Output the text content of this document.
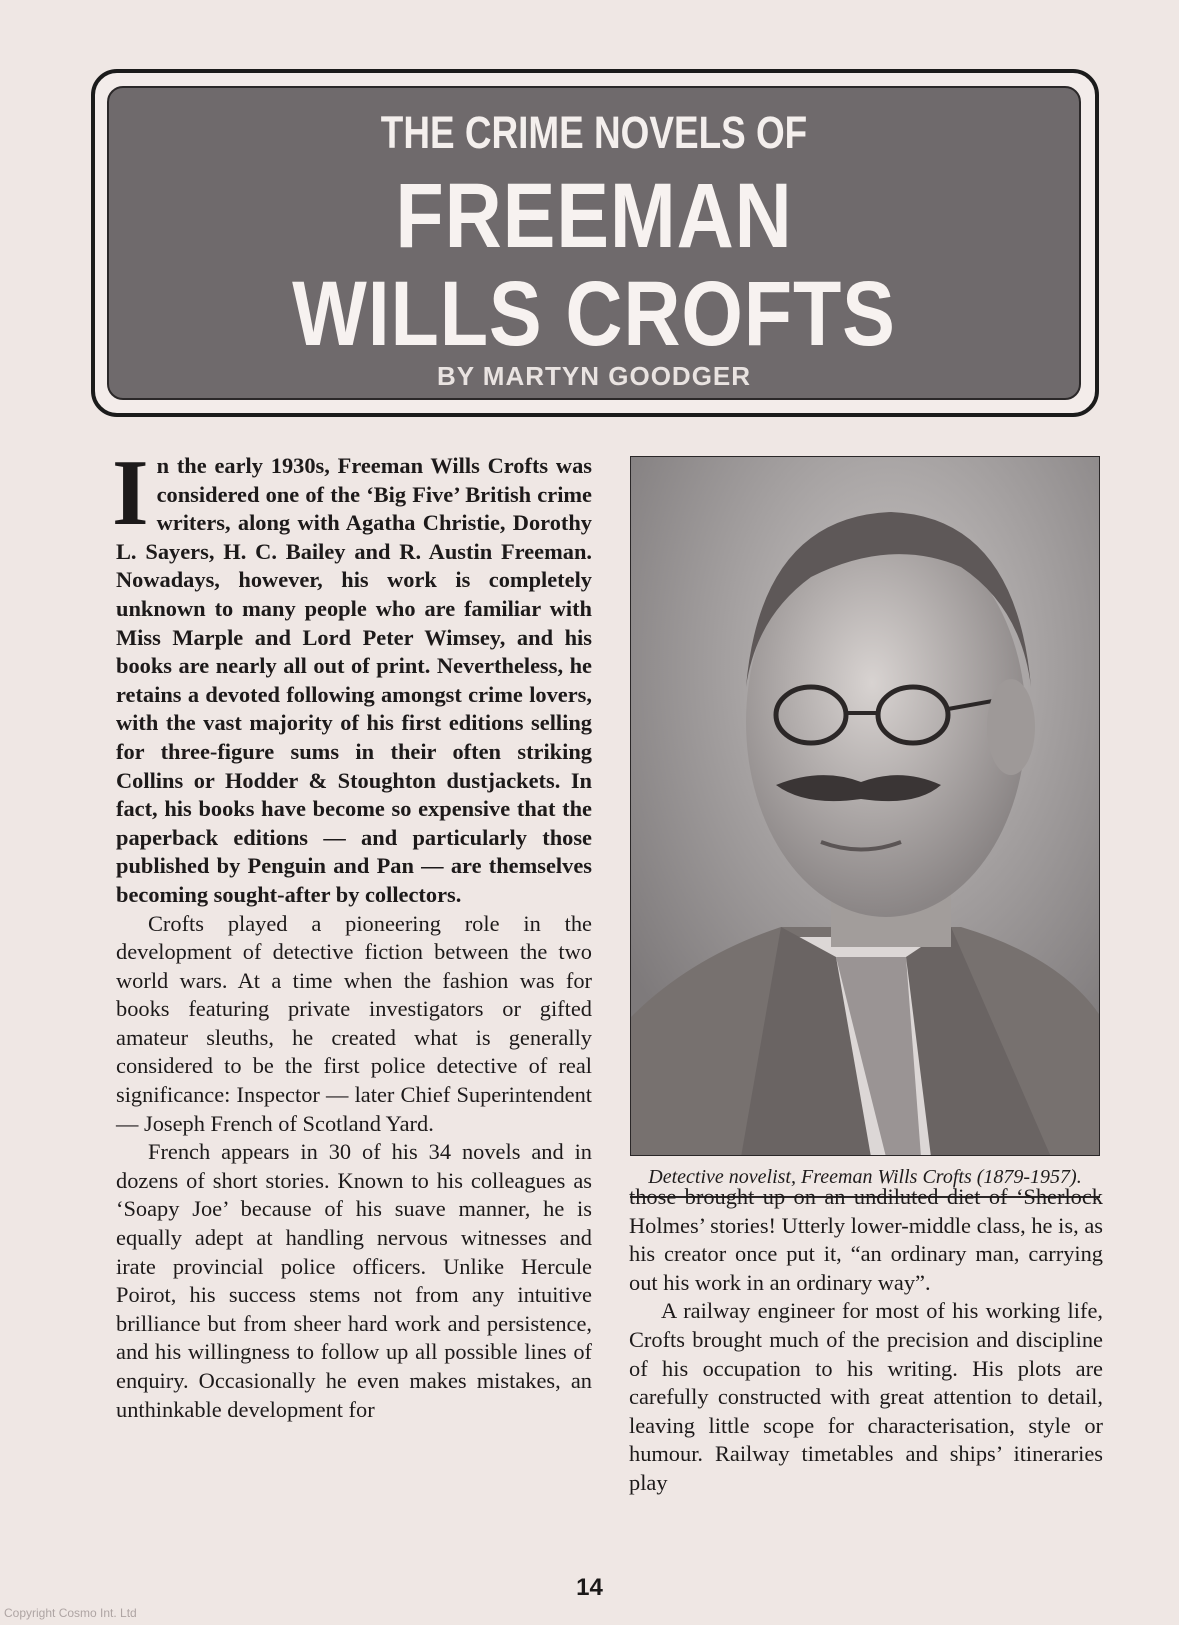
THE CRIME NOVELS OF
FREEMAN
WILLS CROFTS
BY MARTYN GOODGER

In the early 1930s, Freeman Wills Crofts was considered one of the ‘Big Five’ British crime writers, along with Agatha Christie, Dorothy L. Sayers, H. C. Bailey and R. Austin Freeman. Nowadays, however, his work is completely unknown to many people who are familiar with Miss Marple and Lord Peter Wimsey, and his books are nearly all out of print. Nevertheless, he retains a devoted following amongst crime lovers, with the vast majority of his first editions selling for three-figure sums in their often striking Collins or Hodder & Stoughton dustjackets. In fact, his books have become so expensive that the paperback editions — and particularly those published by Penguin and Pan — are themselves becoming sought-after by collectors.

Crofts played a pioneering role in the development of detective fiction between the two world wars. At a time when the fashion was for books featuring private investigators or gifted amateur sleuths, he created what is generally considered to be the first police detective of real significance: Inspector — later Chief Superintendent — Joseph French of Scotland Yard.

French appears in 30 of his 34 novels and in dozens of short stories. Known to his colleagues as ‘Soapy Joe’ because of his suave manner, he is equally adept at handling nervous witnesses and irate provincial police officers. Unlike Hercule Poirot, his success stems not from any intuitive brilliance but from sheer hard work and persistence, and his willingness to follow up all possible lines of enquiry. Occasionally he even makes mistakes, an unthinkable development for

Detective novelist, Freeman Wills Crofts (1879-1957).

those brought up on an undiluted diet of ‘Sherlock Holmes’ stories! Utterly lower-middle class, he is, as his creator once put it, “an ordinary man, carrying out his work in an ordinary way”.

A railway engineer for most of his working life, Crofts brought much of the precision and discipline of his occupation to his writing. His plots are carefully constructed with great attention to detail, leaving little scope for characterisation, style or humour. Railway timetables and ships’ itineraries play

14
Copyright Cosmo Int. Ltd
